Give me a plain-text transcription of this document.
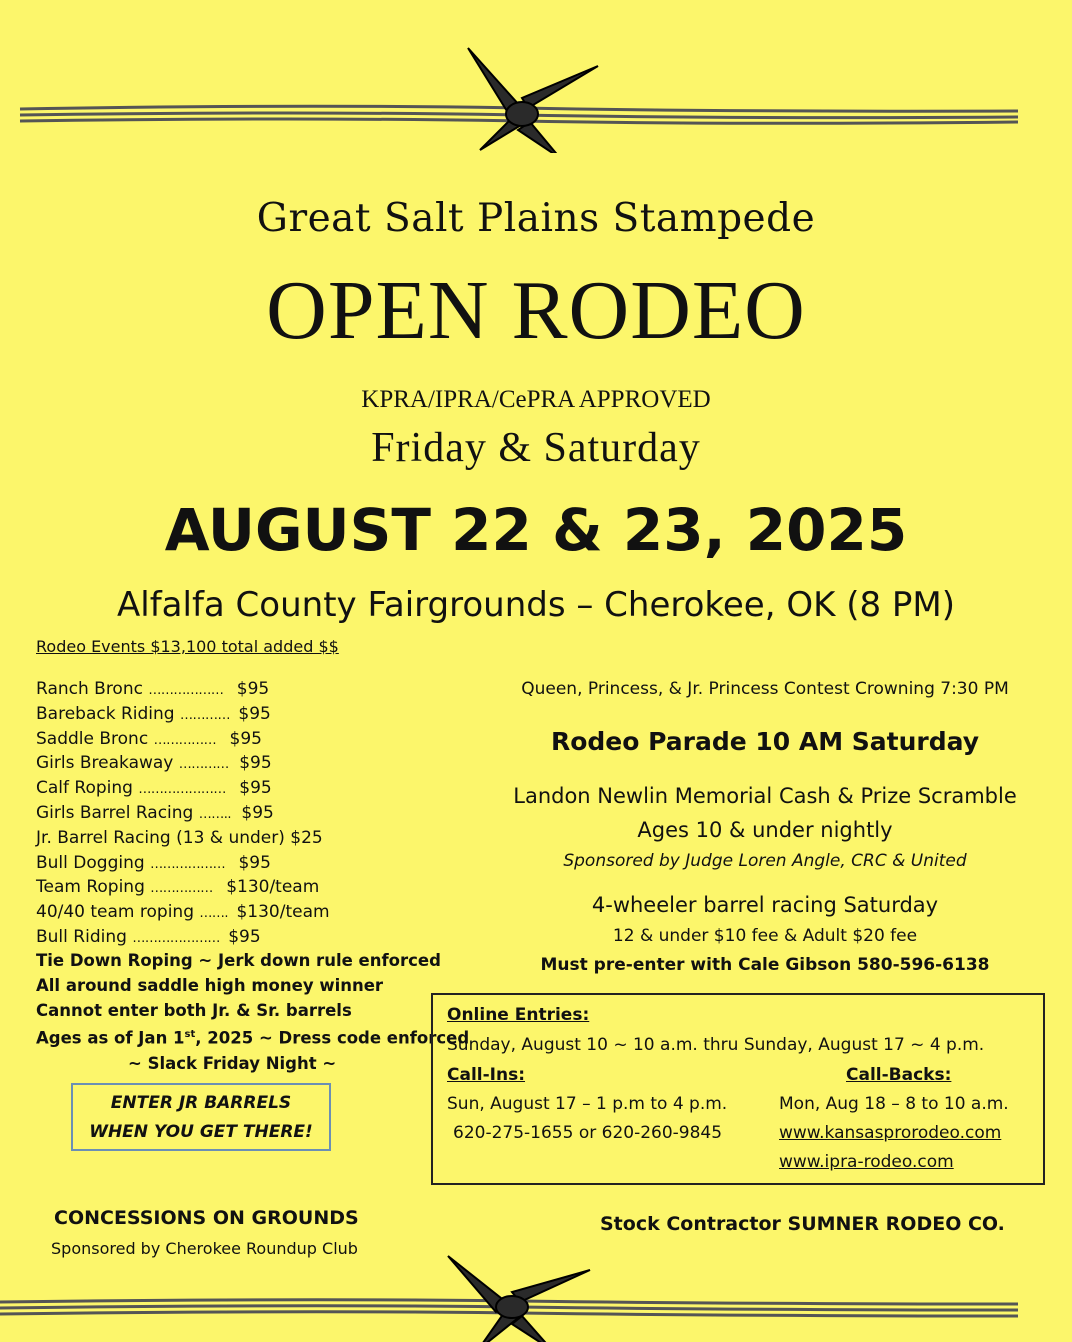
Great Salt Plains Stampede
OPEN RODEO
KPRA/IPRA/CePRA APPROVED
Friday & Saturday
AUGUST 22 & 23, 2025
Alfalfa County Fairgrounds – Cherokee, OK (8 PM)
Rodeo Events $13,100 total added $$
Ranch Bronc ……………… $95
Bareback Riding ………… $95
Saddle Bronc …………… $95
Girls Breakaway ………… $95
Calf Roping ………………… $95
Girls Barrel Racing …….. $95
Jr. Barrel Racing (13 & under) $25
Bull Dogging ……………… $95
Team Roping …………… $130/team
40/40 team roping ……. $130/team
Bull Riding ………………… $95
Tie Down Roping ~ Jerk down rule enforced
All around saddle high money winner
Cannot enter both Jr. & Sr. barrels
Ages as of Jan 1st, 2025 ~ Dress code enforced
~ Slack Friday Night ~
ENTER JR BARRELS
WHEN YOU GET THERE!
CONCESSIONS ON GROUNDS
Sponsored by Cherokee Roundup Club
Queen, Princess, & Jr. Princess Contest Crowning 7:30 PM
Rodeo Parade 10 AM Saturday
Landon Newlin Memorial Cash & Prize Scramble
Ages 10 & under nightly
Sponsored by Judge Loren Angle, CRC & United
4-wheeler barrel racing Saturday
12 & under $10 fee & Adult $20 fee
Must pre-enter with Cale Gibson 580-596-6138
Online Entries:
Sunday, August 10 ~ 10 a.m. thru Sunday, August 17 ~ 4 p.m.
Call-Ins:
Sun, August 17 – 1 p.m to 4 p.m.
620-275-1655 or 620-260-9845
Call-Backs:
Mon, Aug 18 – 8 to 10 a.m.
www.kansasprorodeo.com
www.ipra-rodeo.com
Stock Contractor SUMNER RODEO CO.
